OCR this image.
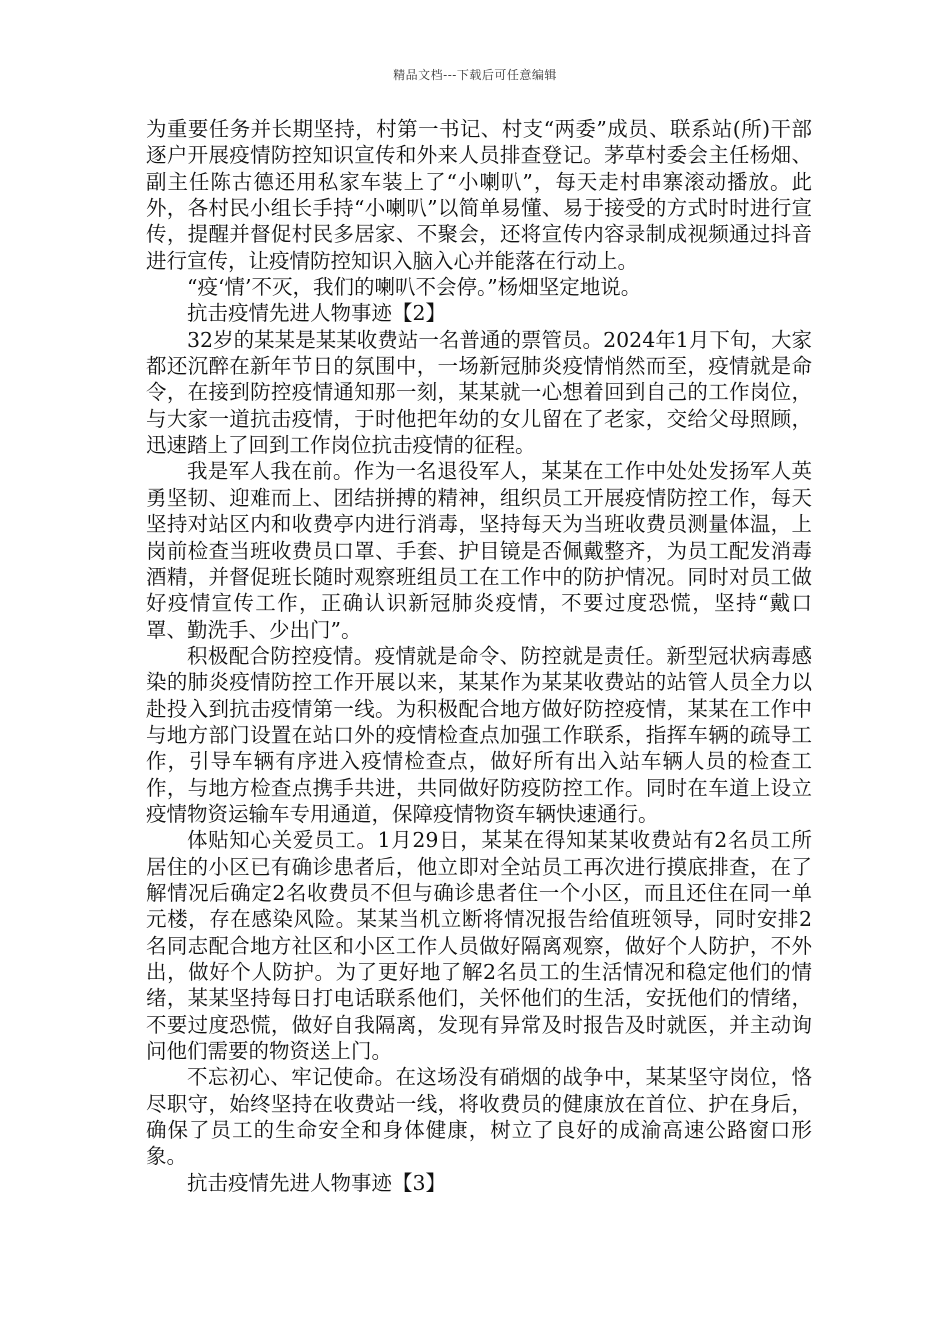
精品文档---下载后可任意编辑

为重要任务并长期坚持，村第一书记、村支“两委”成员、联系站(所)干部逐户开展疫情防控知识宣传和外来人员排查登记。茅草村委会主任杨畑、副主任陈古德还用私家车装上了“小喇叭”，每天走村串寨滚动播放。此外，各村民小组长手持“小喇叭”以简单易懂、易于接受的方式时时进行宣传，提醒并督促村民多居家、不聚会，还将宣传内容录制成视频通过抖音进行宣传，让疫情防控知识入脑入心并能落在行动上。

“疫‘情’不灭，我们的喇叭不会停。”杨畑坚定地说。

抗击疫情先进人物事迹【2】

32岁的某某是某某收费站一名普通的票管员。2024年1月下旬，大家都还沉醉在新年节日的氛围中，一场新冠肺炎疫情悄然而至，疫情就是命令，在接到防控疫情通知那一刻，某某就一心想着回到自己的工作岗位，与大家一道抗击疫情，于时他把年幼的女儿留在了老家，交给父母照顾，迅速踏上了回到工作岗位抗击疫情的征程。

我是军人我在前。作为一名退役军人，某某在工作中处处发扬军人英勇坚韧、迎难而上、团结拼搏的精神，组织员工开展疫情防控工作，每天坚持对站区内和收费亭内进行消毒，坚持每天为当班收费员测量体温，上岗前检查当班收费员口罩、手套、护目镜是否佩戴整齐，为员工配发消毒酒精，并督促班长随时观察班组员工在工作中的防护情况。同时对员工做好疫情宣传工作，正确认识新冠肺炎疫情，不要过度恐慌，坚持“戴口罩、勤洗手、少出门”。

积极配合防控疫情。疫情就是命令、防控就是责任。新型冠状病毒感染的肺炎疫情防控工作开展以来，某某作为某某收费站的站管人员全力以赴投入到抗击疫情第一线。为积极配合地方做好防控疫情，某某在工作中与地方部门设置在站口外的疫情检查点加强工作联系，指挥车辆的疏导工作，引导车辆有序进入疫情检查点，做好所有出入站车辆人员的检查工作，与地方检查点携手共进，共同做好防疫防控工作。同时在车道上设立疫情物资运输车专用通道，保障疫情物资车辆快速通行。

体贴知心关爱员工。1月29日，某某在得知某某收费站有2名员工所居住的小区已有确诊患者后，他立即对全站员工再次进行摸底排查，在了解情况后确定2名收费员不但与确诊患者住一个小区，而且还住在同一单元楼，存在感染风险。某某当机立断将情况报告给值班领导，同时安排2名同志配合地方社区和小区工作人员做好隔离观察，做好个人防护，不外出，做好个人防护。为了更好地了解2名员工的生活情况和稳定他们的情绪，某某坚持每日打电话联系他们，关怀他们的生活，安抚他们的情绪，不要过度恐慌，做好自我隔离，发现有异常及时报告及时就医，并主动询问他们需要的物资送上门。

不忘初心、牢记使命。在这场没有硝烟的战争中，某某坚守岗位，恪尽职守，始终坚持在收费站一线，将收费员的健康放在首位、护在身后，确保了员工的生命安全和身体健康，树立了良好的成渝高速公路窗口形象。

抗击疫情先进人物事迹【3】
